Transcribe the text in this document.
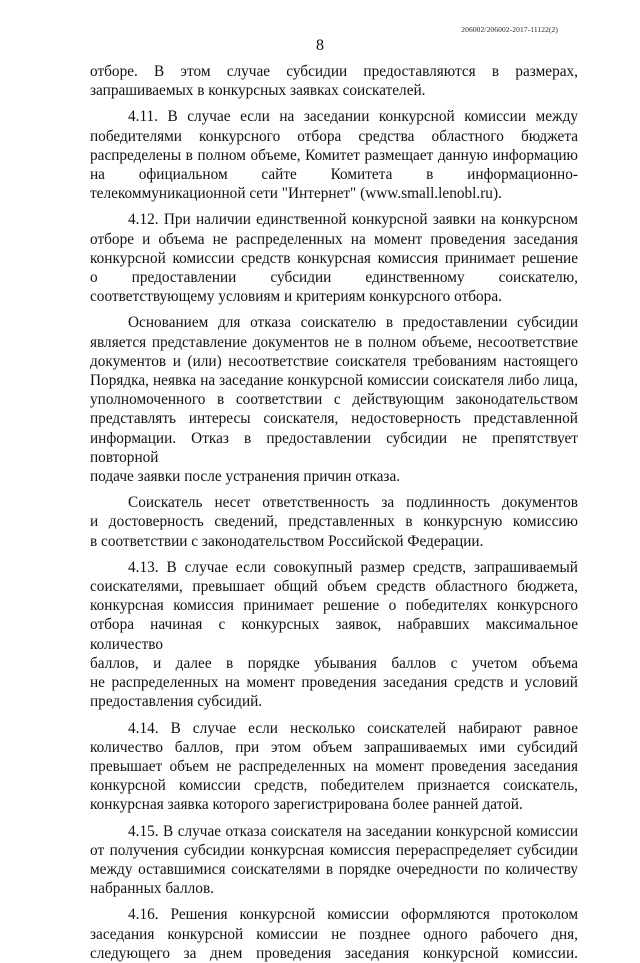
206002/206002-2017-11122(2)
8

отборе. В этом случае субсидии предоставляются в размерах,

запрашиваемых в конкурсных заявках соискателей.

4.11. В случае если на заседании конкурсной комиссии между

победителями конкурсного отбора средства областного бюджета

распределены в полном объеме, Комитет размещает данную информацию

на официальном сайте Комитета в информационно-

телекоммуникационной сети "Интернет" (www.small.lenobl.ru).

4.12. При наличии единственной конкурсной заявки на конкурсном

отборе и объема не распределенных на момент проведения заседания

конкурсной комиссии средств конкурсная комиссия принимает решение

о предоставлении субсидии единственному соискателю,

соответствующему условиям и критериям конкурсного отбора.

Основанием для отказа соискателю в предоставлении субсидии

является представление документов не в полном объеме, несоответствие

документов и (или) несоответствие соискателя требованиям настоящего

Порядка, неявка на заседание конкурсной комиссии соискателя либо лица,

уполномоченного в соответствии с действующим законодательством

представлять интересы соискателя, недостоверность представленной

информации. Отказ в предоставлении субсидии не препятствует повторной

подаче заявки после устранения причин отказа.

Соискатель несет ответственность за подлинность документов

и достоверность сведений, представленных в конкурсную комиссию

в соответствии с законодательством Российской Федерации.

4.13. В случае если совокупный размер средств, запрашиваемый

соискателями, превышает общий объем средств областного бюджета,

конкурсная комиссия принимает решение о победителях конкурсного

отбора начиная с конкурсных заявок, набравших максимальное количество

баллов, и далее в порядке убывания баллов с учетом объема

не распределенных на момент проведения заседания средств и условий

предоставления субсидий.

4.14. В случае если несколько соискателей набирают равное

количество баллов, при этом объем запрашиваемых ими субсидий

превышает объем не распределенных на момент проведения заседания

конкурсной комиссии средств, победителем признается соискатель,

конкурсная заявка которого зарегистрирована более ранней датой.

4.15. В случае отказа соискателя на заседании конкурсной комиссии

от получения субсидии конкурсная комиссия перераспределяет субсидии

между оставшимися соискателями в порядке очередности по количеству

набранных баллов.

4.16. Решения конкурсной комиссии оформляются протоколом

заседания конкурсной комиссии не позднее одного рабочего дня,

следующего за днем проведения заседания конкурсной комиссии.
